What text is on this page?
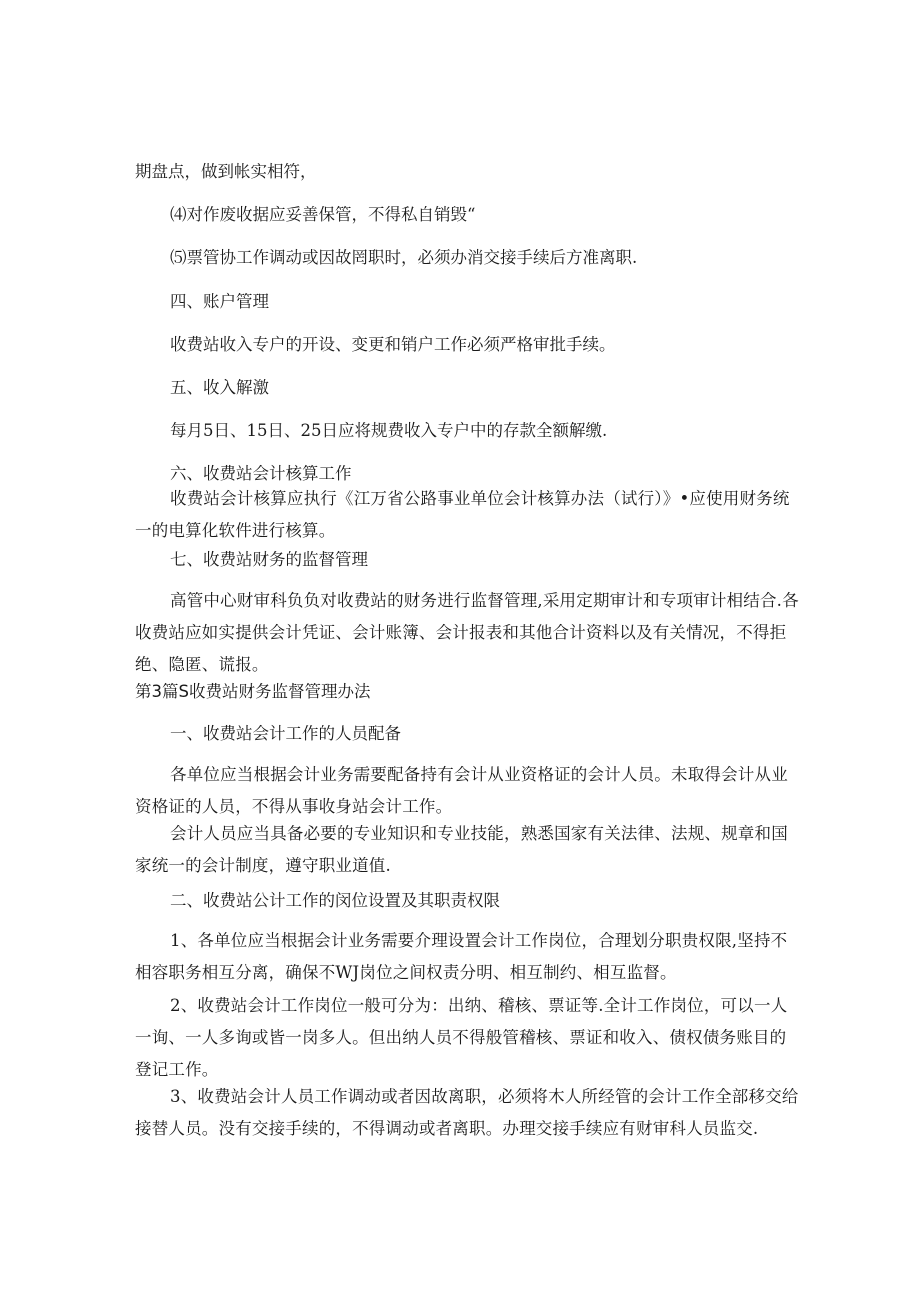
期盘点，做到帐实相符，

⑷对作废收据应妥善保管，不得私自销毁“

⑸票管协工作调动或因故罔职时，必须办消交接手续后方准离职.

四、账户管理

收费站收入专户的开设、变更和销户工作必须严格审批手续。

五、收入解激

每月5日、15日、25日应将规费收入专户中的存款全额解缴.

六、收费站会计核算工作

收费站会计核算应执行《江万省公路事业单位会计核算办法（试行）》•应使用财务统一的电算化软件进行核算。

七、收费站财务的监督管理

高管中心财审科负负对收费站的财务进行监督管理,采用定期审计和专项审计相结合.各收费站应如实提供会计凭证、会计账簿、会计报表和其他合计资料以及有关情况，不得拒绝、隐匿、谎报。

第3篇S收费站财务监督管理办法

一、收费站会计工作的人员配备

各单位应当根据会计业务需要配备持有会计从业资格证的会计人员。未取得会计从业资格证的人员，不得从事收身站会计工作。

会计人员应当具备必要的专业知识和专业技能，熟悉国家有关法律、法规、规章和国家统一的会计制度，遵守职业道值.

二、收费站公计工作的闵位设置及其职责权限

1、各单位应当根据会计业务需要介理设置会计工作岗位，合理划分职贵权限,坚持不相容职务相互分离，确保不WJ岗位之间权责分明、相互制约、相互监督。

2、收费站会计工作岗位一般可分为：出纳、稽核、票证等.全计工作岗位，可以一人一询、一人多询或皆一岗多人。但出纳人员不得般管稽核、票证和收入、债权债务账目的登记工作。

3、收费站会计人员工作调动或者因故离职，必须将木人所经管的会计工作全部移交给接替人员。没有交接手续的，不得调动或者离职。办理交接手续应有财审科人员监交.
